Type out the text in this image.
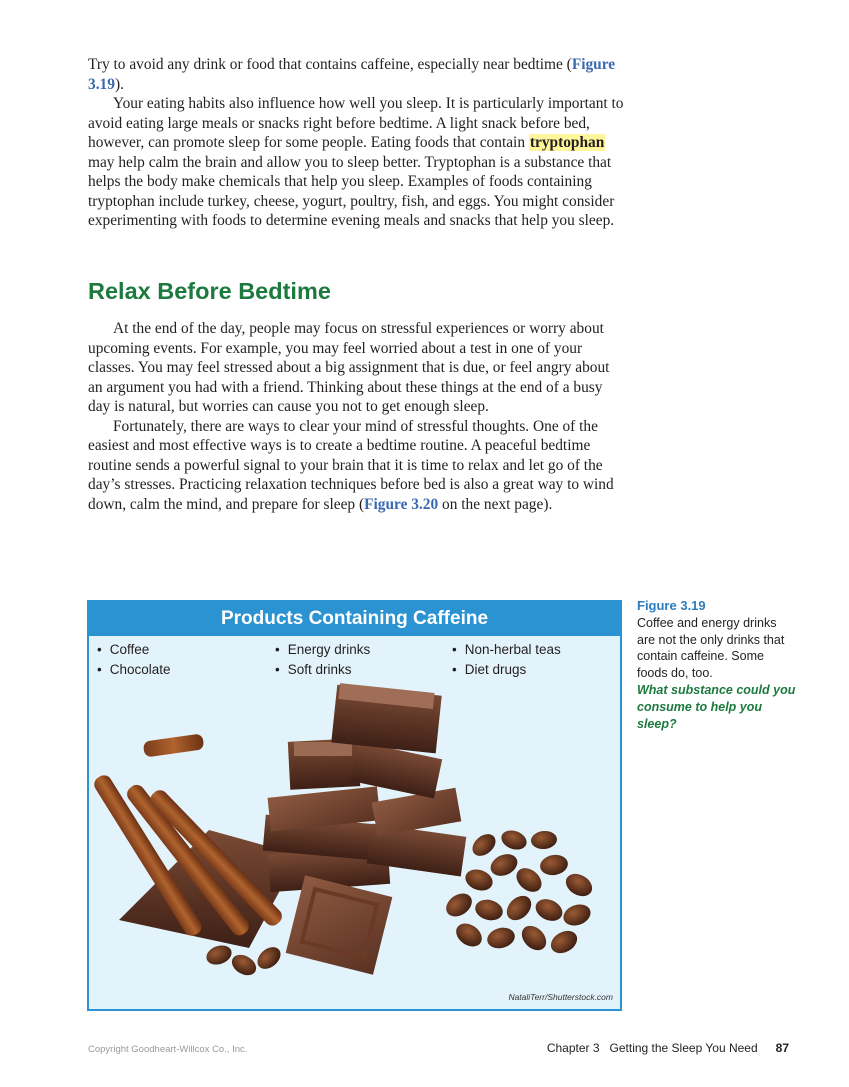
Try to avoid any drink or food that contains caffeine, especially near bedtime (Figure 3.19).

Your eating habits also influence how well you sleep. It is particularly important to avoid eating large meals or snacks right before bedtime. A light snack before bed, however, can promote sleep for some people. Eating foods that contain tryptophan may help calm the brain and allow you to sleep better. Tryptophan is a substance that helps the body make chemicals that help you sleep. Examples of foods containing tryptophan include turkey, cheese, yogurt, poultry, fish, and eggs. You might consider experimenting with foods to determine evening meals and snacks that help you sleep.

Relax Before Bedtime

At the end of the day, people may focus on stressful experiences or worry about upcoming events. For example, you may feel worried about a test in one of your classes. You may feel stressed about a big assignment that is due, or feel angry about an argument you had with a friend. Thinking about these things at the end of a busy day is natural, but worries can cause you not to get enough sleep.

Fortunately, there are ways to clear your mind of stressful thoughts. One of the easiest and most effective ways is to create a bedtime routine. A peaceful bedtime routine sends a powerful signal to your brain that it is time to relax and let go of the day’s stresses. Practicing relaxation techniques before bed is also a great way to wind down, calm the mind, and prepare for sleep (Figure 3.20 on the next page).

Products Containing Caffeine
• Coffee
• Chocolate
• Energy drinks
• Soft drinks
• Non-herbal teas
• Diet drugs
NataliTerr/Shutterstock.com
Figure 3.19
Coffee and energy drinks are not the only drinks that contain caffeine. Some foods do, too.
What substance could you consume to help you sleep?
Copyright Goodheart-Willcox Co., Inc.	Chapter 3 Getting the Sleep You Need 87
